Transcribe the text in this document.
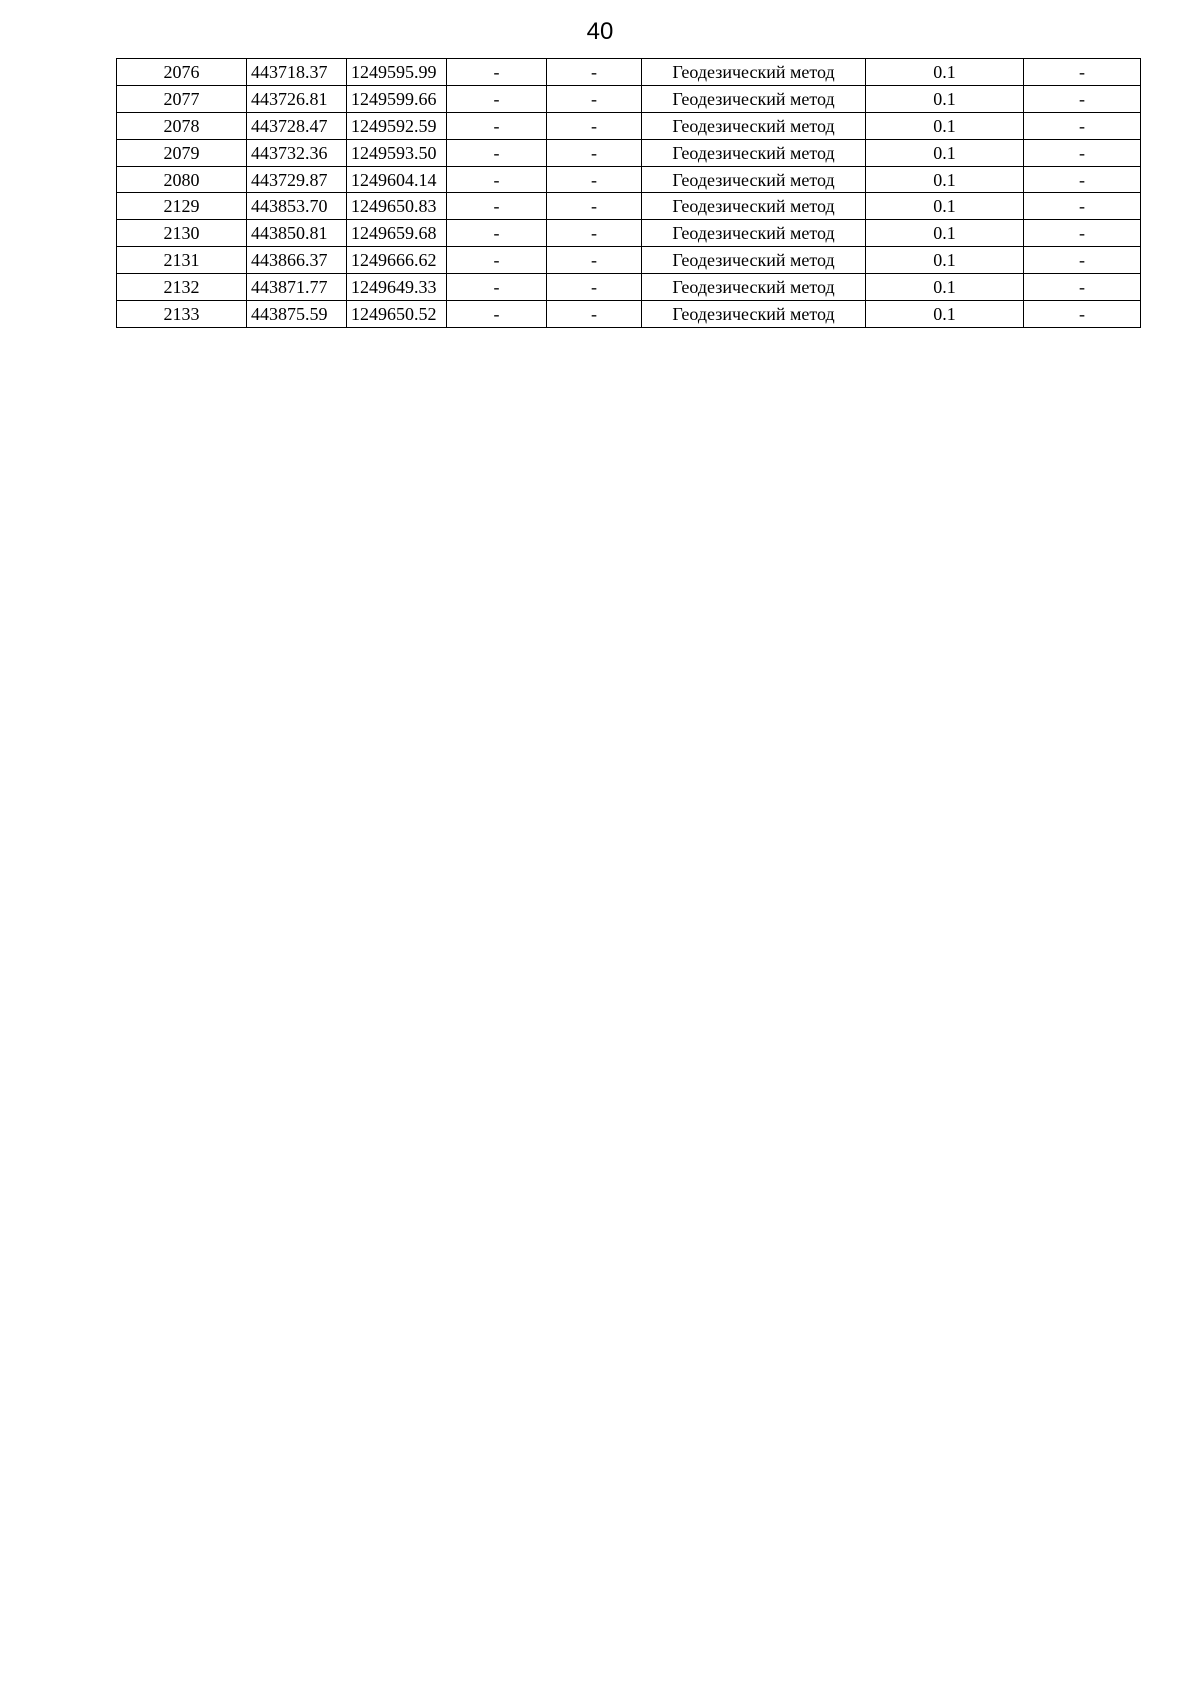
40
2076	443718.37	1249595.99	-	-	Геодезический метод	0.1	-
2077	443726.81	1249599.66	-	-	Геодезический метод	0.1	-
2078	443728.47	1249592.59	-	-	Геодезический метод	0.1	-
2079	443732.36	1249593.50	-	-	Геодезический метод	0.1	-
2080	443729.87	1249604.14	-	-	Геодезический метод	0.1	-
2129	443853.70	1249650.83	-	-	Геодезический метод	0.1	-
2130	443850.81	1249659.68	-	-	Геодезический метод	0.1	-
2131	443866.37	1249666.62	-	-	Геодезический метод	0.1	-
2132	443871.77	1249649.33	-	-	Геодезический метод	0.1	-
2133	443875.59	1249650.52	-	-	Геодезический метод	0.1	-
